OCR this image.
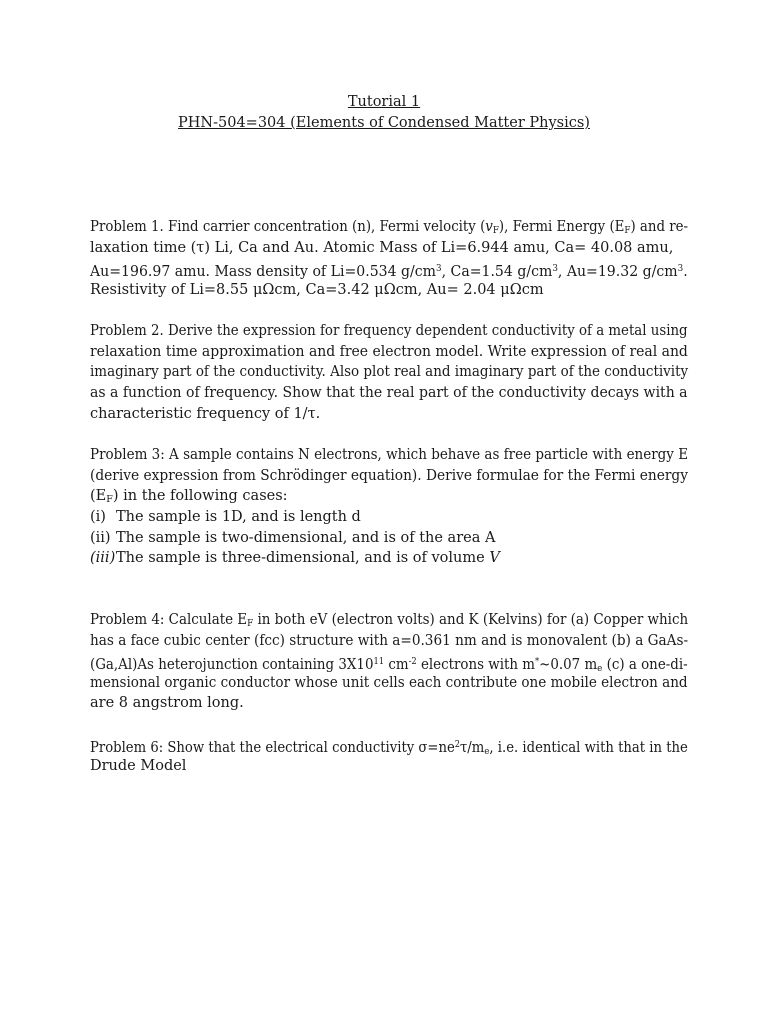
Tutorial 1
PHN-504=304 (Elements of Condensed Matter Physics)
Problem 1. Find carrier concentration (n), Fermi velocity $(v_F)$, Fermi Energy $(E_F)$ and re-
laxation time (τ) Li, Ca and Au. Atomic Mass of Li=6.944 amu, Ca= 40.08 amu,
Au=196.97 amu. Mass density of Li=0.534 $g/cm^3$, Ca=1.54 $g/cm^3$, Au=19.32 $g/cm^3$.
Resistivity of Li=8.55 μΩcm, Ca=3.42 μΩcm, Au= 2.04 μΩcm
Problem 2. Derive the expression for frequency dependent conductivity of a metal using
relaxation time approximation and free electron model. Write expression of real and
imaginary part of the conductivity. Also plot real and imaginary part of the conductivity
as a function of frequency. Show that the real part of the conductivity decays with a
characteristic frequency of 1/τ.
Problem 3: A sample contains N electrons, which behave as free particle with energy E
(derive expression from Schrödinger equation). Derive formulae for the Fermi energy
$(E_F)$ in the following cases:
(i) The sample is 1D, and is length d
(ii) The sample is two-dimensional, and is of the area A
(iii)The sample is three-dimensional, and is of volume V
Problem 4: Calculate $E_F$ in both eV (electron volts) and K (Kelvins) for (a) Copper which
has a face cubic center (fcc) structure with a=0.361 nm and is monovalent (b) a GaAs-
(Ga,Al)As heterojunction containing $3X10^{11}$ $cm^{-2}$ electrons with m*~0.07 $m_e$ (c) a one-di-
mensional organic conductor whose unit cells each contribute one mobile electron and
are 8 angstrom long.
Problem 6: Show that the electrical conductivity $\sigma=ne^2\tau/m_e$, i.e. identical with that in the
Drude Model
